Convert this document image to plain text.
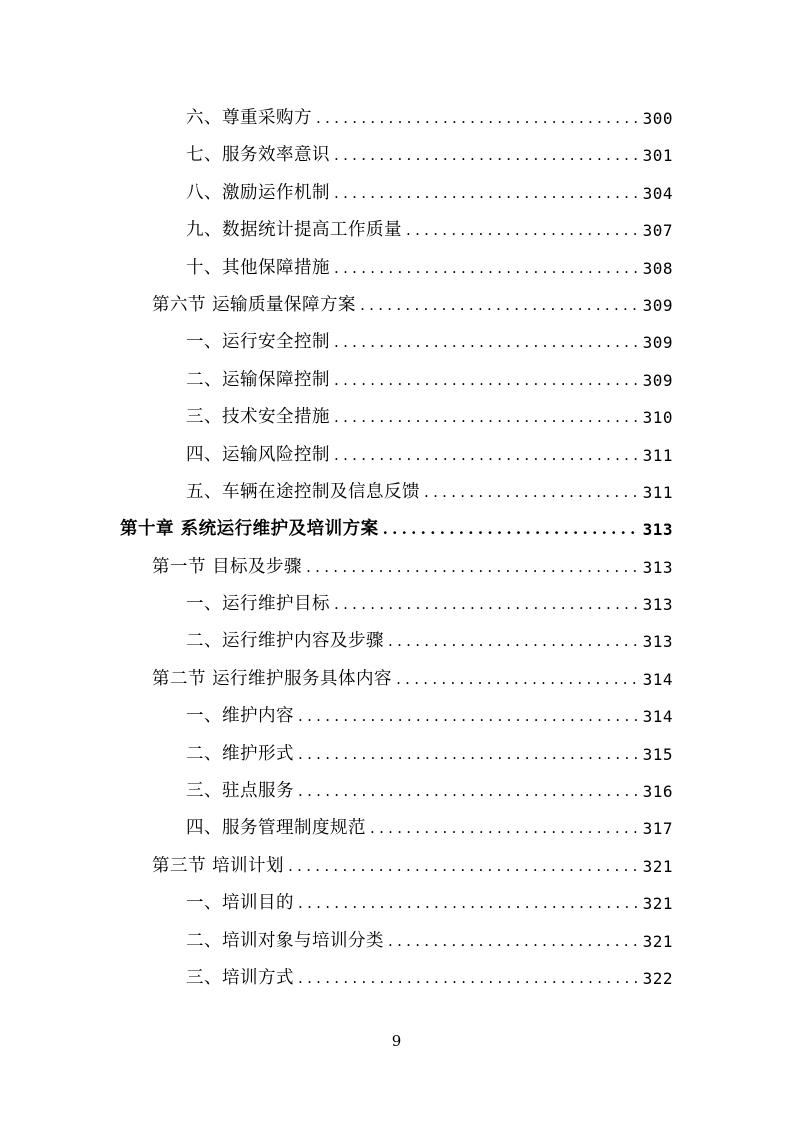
六、尊重采购方 .....	300
七、服务效率意识 .....	301
八、激励运作机制 .....	304
九、数据统计提高工作质量 .....	307
十、其他保障措施 .....	308
第六节 运输质量保障方案 .....	309
一、运行安全控制 .....	309
二、运输保障控制 .....	309
三、技术安全措施 .....	310
四、运输风险控制 .....	311
五、车辆在途控制及信息反馈 .....	311
第十章 系统运行维护及培训方案 .....	313
第一节 目标及步骤 .....	313
一、运行维护目标 .....	313
二、运行维护内容及步骤 .....	313
第二节 运行维护服务具体内容 .....	314
一、维护内容 .....	314
二、维护形式 .....	315
三、驻点服务 .....	316
四、服务管理制度规范 .....	317
第三节 培训计划 .....	321
一、培训目的 .....	321
二、培训对象与培训分类 .....	321
三、培训方式 .....	322
9
